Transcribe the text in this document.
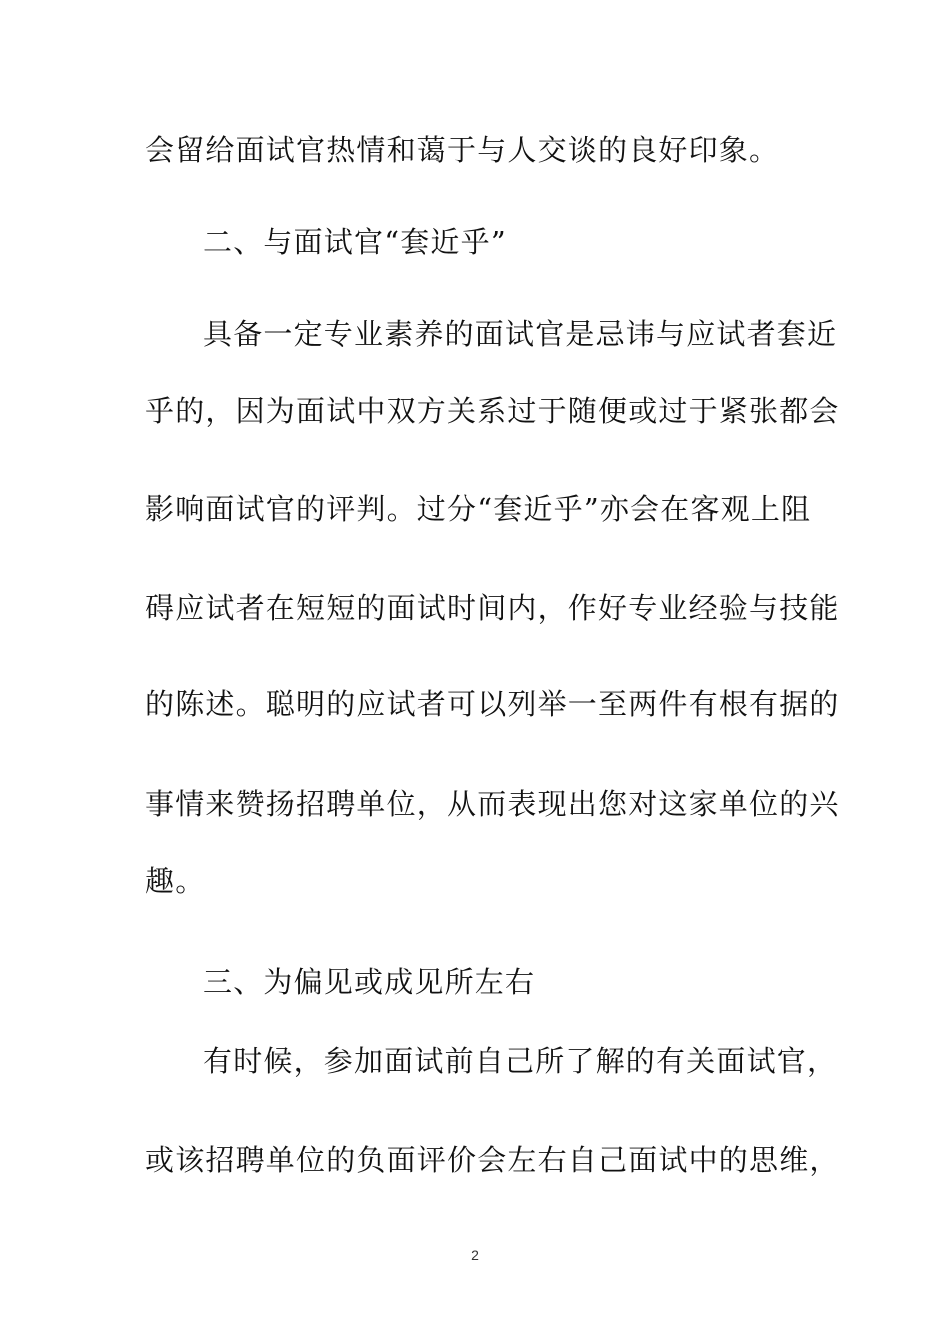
会留给面试官热情和蔼于与人交谈的良好印象。
二、与面试官“套近乎”
具备一定专业素养的面试官是忌讳与应试者套近
乎的，因为面试中双方关系过于随便或过于紧张都会
影响面试官的评判。过分“套近乎”亦会在客观上阻
碍应试者在短短的面试时间内，作好专业经验与技能
的陈述。聪明的应试者可以列举一至两件有根有据的
事情来赞扬招聘单位，从而表现出您对这家单位的兴
趣。
三、为偏见或成见所左右
有时候，参加面试前自己所了解的有关面试官，
或该招聘单位的负面评价会左右自己面试中的思维，
2
